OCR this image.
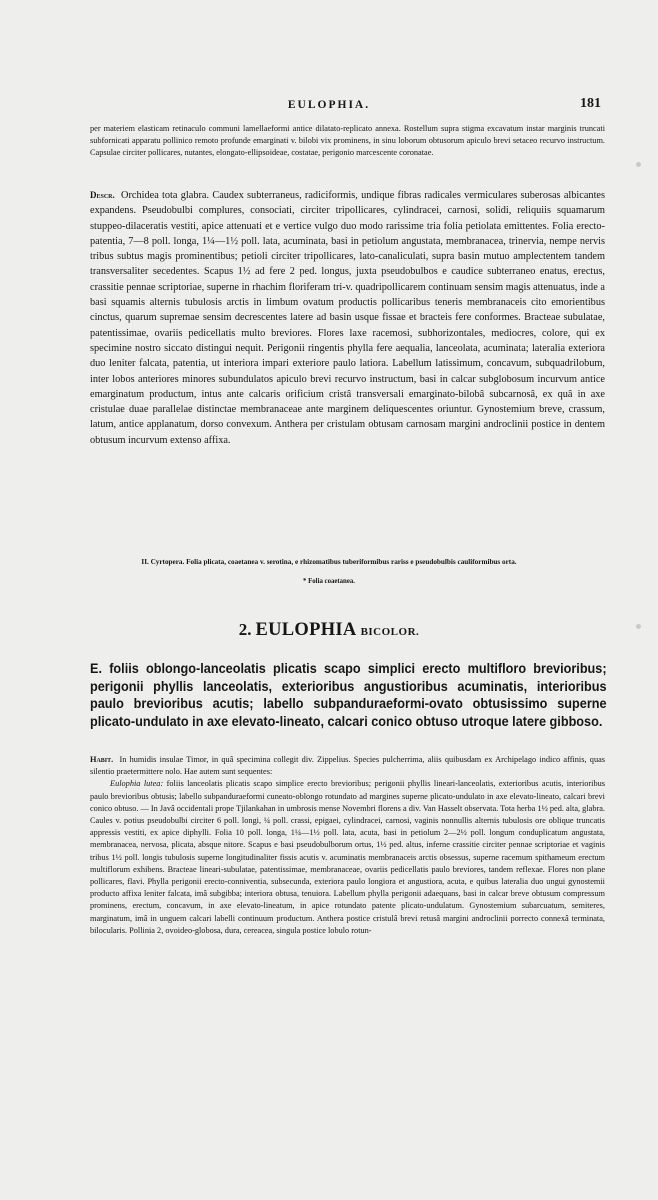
EULOPHIA.	181

per materiem elasticam retinaculo communi lamellaeformi antice dilatato-replicato annexa. Rostellum supra stigma excavatum instar marginis truncati subfornicati apparatu pollinico remoto profunde emarginati v. bilobi vix prominens, in sinu loborum obtusorum apiculo brevi setaceo recurvo instructum. Capsulae circiter pollicares, nutantes, elongato-ellipsoideae, costatae, perigonio marcescente coronatae.

Descr. Orchidea tota glabra. Caudex subterraneus, radiciformis, undique fibras radicales vermiculares suberosas albicantes expandens. Pseudobulbi complures, consociati, circiter tripollicares, cylindracei, carnosi, solidi, reliquiis squamarum stuppeo-dilaceratis vestiti, apice attenuati et e vertice vulgo duo modo rarissime tria folia petiolata emittentes. Folia erecto-patentia, 7—8 poll. longa, 1¼—1½ poll. lata, acuminata, basi in petiolum angustata, membranacea, trinervia, nempe nervis tribus subtus magis prominentibus; petioli circiter tripollicares, lato-canaliculati, supra basin mutuo amplectentem tandem transversaliter secedentes. Scapus 1½ ad fere 2 ped. longus, juxta pseudobulbos e caudice subterraneo enatus, erectus, crassitie pennae scriptoriae, superne in rhachim floriferam tri-v. quadripollicarem continuam sensim magis attenuatus, inde a basi squamis alternis tubulosis arctis in limbum ovatum productis pollicaribus teneris membranaceis cito emorientibus cinctus, quarum supremae sensim decrescentes latere ad basin usque fissae et bracteis fere conformes. Bracteae subulatae, patentissimae, ovariis pedicellatis multo breviores. Flores laxe racemosi, subhorizontales, mediocres, colore, qui ex specimine nostro siccato distingui nequit. Perigonii ringentis phylla fere aequalia, lanceolata, acuminata; lateralia exteriora duo leniter falcata, patentia, ut interiora impari exteriore paulo latiora. Labellum latissimum, concavum, subquadrilobum, inter lobos anteriores minores subundulatos apiculo brevi recurvo instructum, basi in calcar subglobosum incurvum antice emarginatum productum, intus ante calcaris orificium cristâ transversali emarginato-bilobâ subcarnosâ, ex quâ in axe cristulae duae parallelae distinctae membranaceae ante marginem deliquescentes oriuntur. Gynostemium breve, crassum, latum, antice applanatum, dorso convexum. Anthera per cristulam obtusam carnosam margini androclinii postice in dentem obtusum incurvum extenso affixa.

II. Cyrtopera. Folia plicata, coaetanea v. serotina, e rhizomatibus tuberiformibus rariss e pseudobulbis cauliformibus orta.
* Folia coaetanea.
2. EULOPHIA BICOLOR.

E. foliis oblongo-lanceolatis plicatis scapo simplici erecto multifloro brevioribus; perigonii phyllis lanceolatis, exterioribus angustioribus acuminatis, interioribus paulo brevioribus acutis; labello subpanduraeformi-ovato obtusissimo superne plicato-undulato in axe elevato-lineato, calcari conico obtuso utroque latere gibboso.

Habit. In humidis insulae Timor, in quâ specimina collegit div. Zippelius. Species pulcherrima, aliis quibusdam ex Archipelago indico affinis, quas silentio praetermittere nolo. Hae autem sunt sequentes:
Eulophia lutea: foliis lanceolatis plicatis scapo simplice erecto brevioribus; perigonii phyllis lineari-lanceolatis, exterioribus acutis, interioribus paulo brevioribus obtusis; labello subpanduraeformi cuneato-oblongo rotundato ad margines superne plicato-undulato in axe elevato-lineato, calcari brevi conico obtuso. — In Javâ occidentali prope Tjilankahan in umbrosis mense Novembri florens a div. Van Hasselt observata. Tota herba 1½ ped. alta, glabra. Caules v. potius pseudobulbi circiter 6 poll. longi, ¼ poll. crassi, epigaei, cylindracei, carnosi, vaginis nonnullis alternis tubulosis ore oblique truncatis appressis vestiti, ex apice diphylli. Folia 10 poll. longa, 1¼—1½ poll. lata, acuta, basi in petiolum 2—2½ poll. longum conduplicatum angustata, membranacea, nervosa, plicata, absque nitore. Scapus e basi pseudobulborum ortus, 1½ ped. altus, inferne crassitie circiter pennae scriptoriae et vaginis tribus 1½ poll. longis tubulosis superne longitudinaliter fissis acutis v. acuminatis membranaceis arctis obsessus, superne racemum spithameum erectum multiflorum exhibens. Bracteae lineari-subulatae, patentissimae, membranaceae, ovariis pedicellatis paulo breviores, tandem reflexae. Flores non plane pollicares, flavi. Phylla perigonii erecto-conniventia, subsecunda, exteriora paulo longiora et angustiora, acuta, e quibus lateralia duo ungui gynostemii producto affixa leniter falcata, imâ subgibba; interiora obtusa, tenuiora. Labellum phylla perigonii adaequans, basi in calcar breve obtusum compressum prominens, erectum, concavum, in axe elevato-lineatum, in apice rotundato patente plicato-undulatum. Gynostemium subarcuatum, semiteres, marginatum, imâ in unguem calcari labelli continuum productum. Anthera postice cristulâ brevi retusâ margini androclinii porrecto connexâ terminata, bilocularis. Pollinia 2, ovoideo-globosa, dura, cereacea, singula postice lobulo rotun-
